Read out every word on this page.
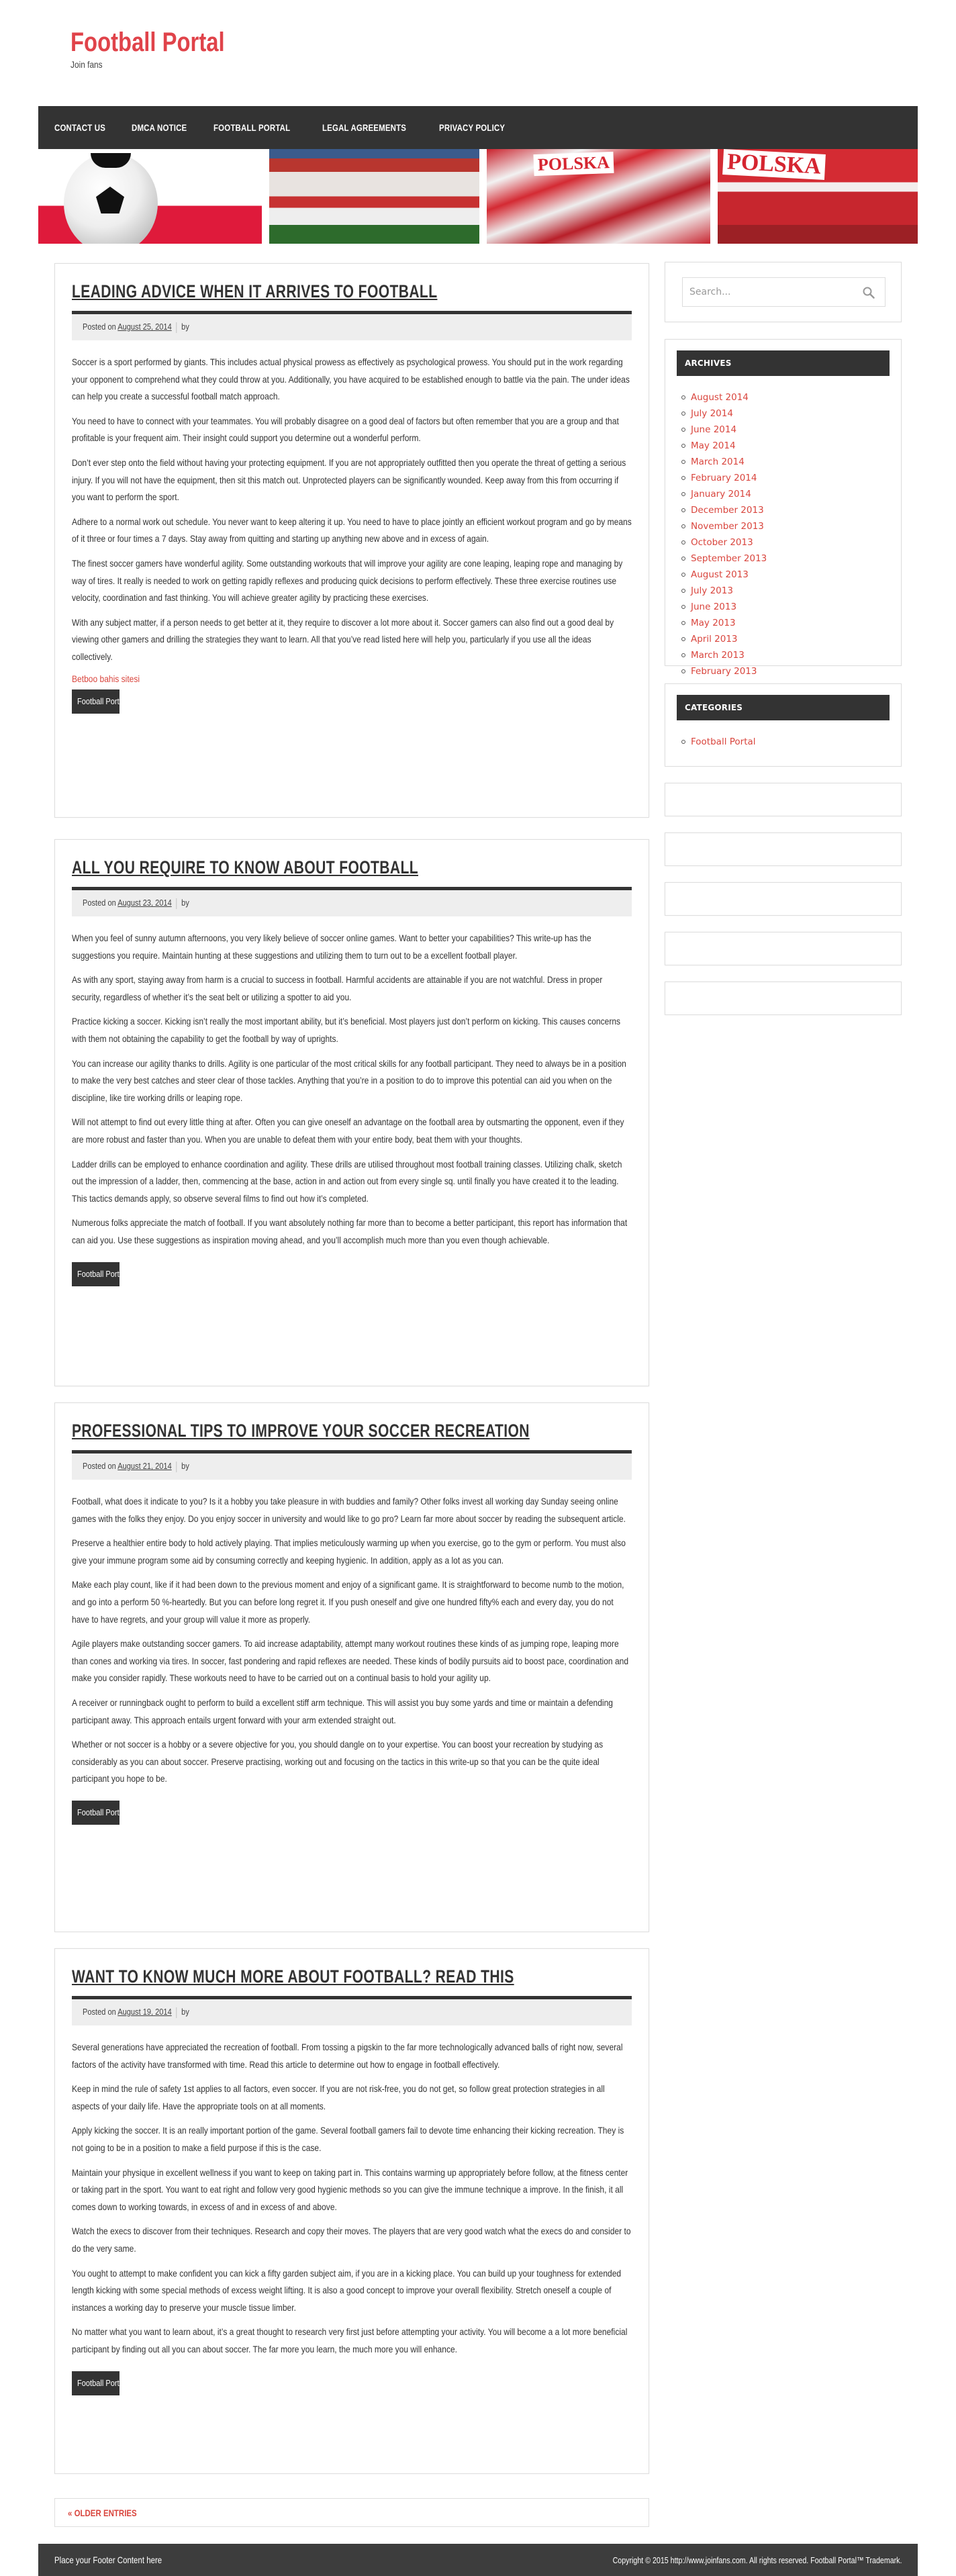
Football Portal
Join fans
CONTACT US	DMCA NOTICE	FOOTBALL PORTAL	LEGAL AGREEMENTS	PRIVACY POLICY
POLSKA	POLSKA
LEADING ADVICE WHEN IT ARRIVES TO FOOTBALL
Posted on August 25, 2014 by

Soccer is a sport performed by giants. This includes actual physical prowess as effectively as psychological prowess. You should put in the work regarding your opponent to comprehend what they could throw at you. Additionally, you have acquired to be established enough to battle via the pain. The under ideas can help you create a successful football match approach.

You need to have to connect with your teammates. You will probably disagree on a good deal of factors but often remember that you are a group and that profitable is your frequent aim. Their insight could support you determine out a wonderful perform.

Don’t ever step onto the field without having your protecting equipment. If you are not appropriately outfitted then you operate the threat of getting a serious injury. If you will not have the equipment, then sit this match out. Unprotected players can be significantly wounded. Keep away from this from occurring if you want to perform the sport.

Adhere to a normal work out schedule. You never want to keep altering it up. You need to have to place jointly an efficient workout program and go by means of it three or four times a 7 days. Stay away from quitting and starting up anything new above and in excess of again.

The finest soccer gamers have wonderful agility. Some outstanding workouts that will improve your agility are cone leaping, leaping rope and managing by way of tires. It really is needed to work on getting rapidly reflexes and producing quick decisions to perform effectively. These three exercise routines use velocity, coordination and fast thinking. You will achieve greater agility by practicing these exercises.

With any subject matter, if a person needs to get better at it, they require to discover a lot more about it. Soccer gamers can also find out a good deal by viewing other gamers and drilling the strategies they want to learn. All that you’ve read listed here will help you, particularly if you use all the ideas collectively.

Betboo bahis sitesi
Football Portal
ALL YOU REQUIRE TO KNOW ABOUT FOOTBALL
Posted on August 23, 2014 by

When you feel of sunny autumn afternoons, you very likely believe of soccer online games. Want to better your capabilities? This write-up has the suggestions you require. Maintain hunting at these suggestions and utilizing them to turn out to be a excellent football player.

As with any sport, staying away from harm is a crucial to success in football. Harmful accidents are attainable if you are not watchful. Dress in proper security, regardless of whether it’s the seat belt or utilizing a spotter to aid you.

Practice kicking a soccer. Kicking isn’t really the most important ability, but it’s beneficial. Most players just don’t perform on kicking. This causes concerns with them not obtaining the capability to get the football by way of uprights.

You can increase our agility thanks to drills. Agility is one particular of the most critical skills for any football participant. They need to always be in a position to make the very best catches and steer clear of those tackles. Anything that you’re in a position to do to improve this potential can aid you when on the discipline, like tire working drills or leaping rope.

Will not attempt to find out every little thing at after. Often you can give oneself an advantage on the football area by outsmarting the opponent, even if they are more robust and faster than you. When you are unable to defeat them with your entire body, beat them with your thoughts.

Ladder drills can be employed to enhance coordination and agility. These drills are utilised throughout most football training classes. Utilizing chalk, sketch out the impression of a ladder, then, commencing at the base, action in and action out from every single sq. until finally you have created it to the leading. This tactics demands apply, so observe several films to find out how it’s completed.

Numerous folks appreciate the match of football. If you want absolutely nothing far more than to become a better participant, this report has information that can aid you. Use these suggestions as inspiration moving ahead, and you’ll accomplish much more than you even though achievable.

Football Portal
PROFESSIONAL TIPS TO IMPROVE YOUR SOCCER RECREATION
Posted on August 21, 2014 by

Football, what does it indicate to you? Is it a hobby you take pleasure in with buddies and family? Other folks invest all working day Sunday seeing online games with the folks they enjoy. Do you enjoy soccer in university and would like to go pro? Learn far more about soccer by reading the subsequent article.

Preserve a healthier entire body to hold actively playing. That implies meticulously warming up when you exercise, go to the gym or perform. You must also give your immune program some aid by consuming correctly and keeping hygienic. In addition, apply as a lot as you can.

Make each play count, like if it had been down to the previous moment and enjoy of a significant game. It is straightforward to become numb to the motion, and go into a perform 50 %-heartedly. But you can before long regret it. If you push oneself and give one hundred fifty% each and every day, you do not have to have regrets, and your group will value it more as properly.

Agile players make outstanding soccer gamers. To aid increase adaptability, attempt many workout routines these kinds of as jumping rope, leaping more than cones and working via tires. In soccer, fast pondering and rapid reflexes are needed. These kinds of bodily pursuits aid to boost pace, coordination and make you consider rapidly. These workouts need to have to be carried out on a continual basis to hold your agility up.

A receiver or runningback ought to perform to build a excellent stiff arm technique. This will assist you buy some yards and time or maintain a defending participant away. This approach entails urgent forward with your arm extended straight out.

Whether or not soccer is a hobby or a severe objective for you, you should dangle on to your expertise. You can boost your recreation by studying as considerably as you can about soccer. Preserve practising, working out and focusing on the tactics in this write-up so that you can be the quite ideal participant you hope to be.

Football Portal
WANT TO KNOW MUCH MORE ABOUT FOOTBALL? READ THIS
Posted on August 19, 2014 by

Several generations have appreciated the recreation of football. From tossing a pigskin to the far more technologically advanced balls of right now, several factors of the activity have transformed with time. Read this article to determine out how to engage in football effectively.

Keep in mind the rule of safety 1st applies to all factors, even soccer. If you are not risk-free, you do not get, so follow great protection strategies in all aspects of your daily life. Have the appropriate tools on at all moments.

Apply kicking the soccer. It is an really important portion of the game. Several football gamers fail to devote time enhancing their kicking recreation. They is not going to be in a position to make a field purpose if this is the case.

Maintain your physique in excellent wellness if you want to keep on taking part in. This contains warming up appropriately before follow, at the fitness center or taking part in the sport. You want to eat right and follow very good hygienic methods so you can give the immune technique a improve. In the finish, it all comes down to working towards, in excess of and in excess of and above.

Watch the execs to discover from their techniques. Research and copy their moves. The players that are very good watch what the execs do and consider to do the very same.

You ought to attempt to make confident you can kick a fifty garden subject aim, if you are in a kicking place. You can build up your toughness for extended length kicking with some special methods of excess weight lifting. It is also a good concept to improve your overall flexibility. Stretch oneself a couple of instances a working day to preserve your muscle tissue limber.

No matter what you want to learn about, it’s a great thought to research very first just before attempting your activity. You will become a a lot more beneficial participant by finding out all you can about soccer. The far more you learn, the much more you will enhance.

Football Portal
« OLDER ENTRIES
Search...
ARCHIVES
August 2014
July 2014
June 2014
May 2014
March 2014
February 2014
January 2014
December 2013
November 2013
October 2013
September 2013
August 2013
July 2013
June 2013
May 2013
April 2013
March 2013
February 2013
CATEGORIES
Football Portal
Place your Footer Content here	Copyright © 2015 http://www.joinfans.com. All rights reserved. Football Portal™ Trademark.
